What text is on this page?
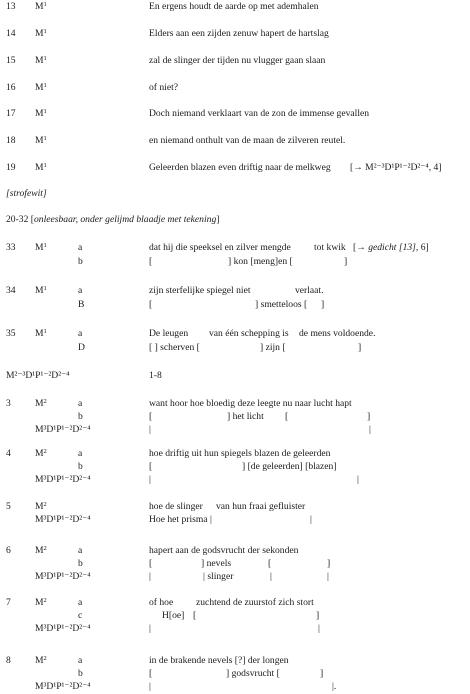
13 $M^1$	En ergens houdt de aarde op met ademhalen
14 $M^1$	Elders aan een zijden zenuw hapert de hartslag
15 $M^1$	zal de slinger der tijden nu vlugger gaan slaan
16 $M^1$	of niet?
17 $M^1$	Doch niemand verklaart van de zon de immense gevallen
18 $M^1$	en niemand onthult van de maan de zilveren reutel.
19 $M^1$	Geleerden blazen even driftig naar de melkweg [→ M²⁻³D¹P¹⁻²D²⁻⁴, 4]
[strofewit]
20-32 [onleesbaar, onder gelijmd blaadje met tekening]
33 $M^1$	a	dat hij die speeksel en zilver mengde tot kwik [→ gedicht [13], 6]
b	[	] kon [meng]en [	]
34 $M^1$	a	zijn sterfelijke spiegel niet	verlaat.
B	[	] smetteloos [ ]
35 $M^1$	a	De leugen van één schepping is de mens voldoende.
D	[ ] scherven [	] zijn [	]
M²⁻³D¹P¹⁻²D²⁻⁴	1-8
3	$M^2$	a	want hoor hoe bloedig deze leegte nu naar lucht hapt
b	[	] het licht [	]
M³D¹P¹⁻²D²⁻⁴	|	|
4	$M^2$	a	hoe driftig uit hun spiegels blazen de geleerden
b	[	] [de geleerden] [blazen]
M³D¹P¹⁻²D²⁻⁴	|	|
5	$M^2$	hoe de slinger van hun fraai gefluister
M³D¹P¹⁻²D²⁻⁴	Hoe het prisma |	|
6	$M^2$	a	hapert aan de godsvrucht der sekonden
b	[	] nevels	[	]
M³D¹P¹⁻²D²⁻⁴	|	| slinger	|	|
7	$M^2$	a	of hoe zuchtend de zuurstof zich stort
c	H[oe] [	]
M³D¹P¹⁻²D²⁻⁴	|	|
8	$M^2$	a	in de brakende nevels [?] der longen
b	[	] godsvrucht [	]
M³D¹P¹⁻²D²⁻⁴	|	|.
